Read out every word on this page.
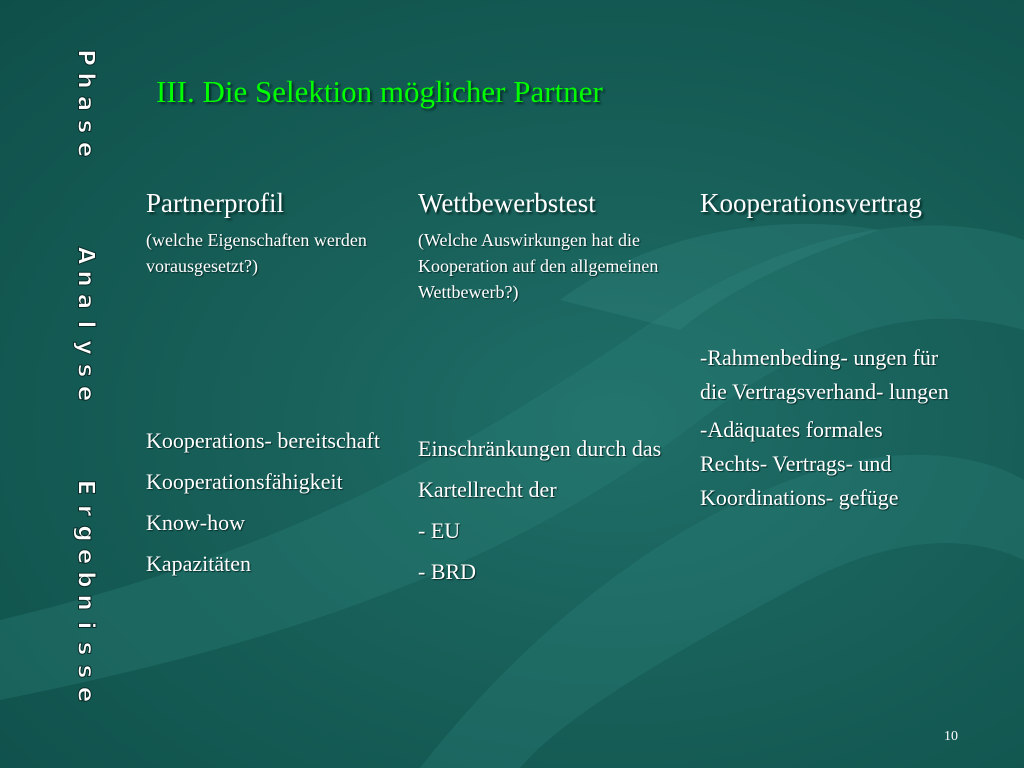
P
h
a
s
e
A
n
a
l
y
s
e
E
r
g
e
b
n
i
s
s
e
III. Die Selektion möglicher Partner
Partnerprofil

(welche Eigenschaften werden vorausgesetzt?)

Wettbewerbstest

(Welche Auswirkungen hat die Kooperation auf den allgemeinen Wettbewerb?)

Kooperationsvertrag
Kooperations- bereitschaft
Kooperationsfähigkeit
Know-how
Kapazitäten
Einschränkungen durch das
Kartellrecht der
- EU
- BRD
-Rahmenbeding- ungen für die Vertragsverhand- lungen
-Adäquates formales Rechts- Vertrags- und Koordinations- gefüge
10
